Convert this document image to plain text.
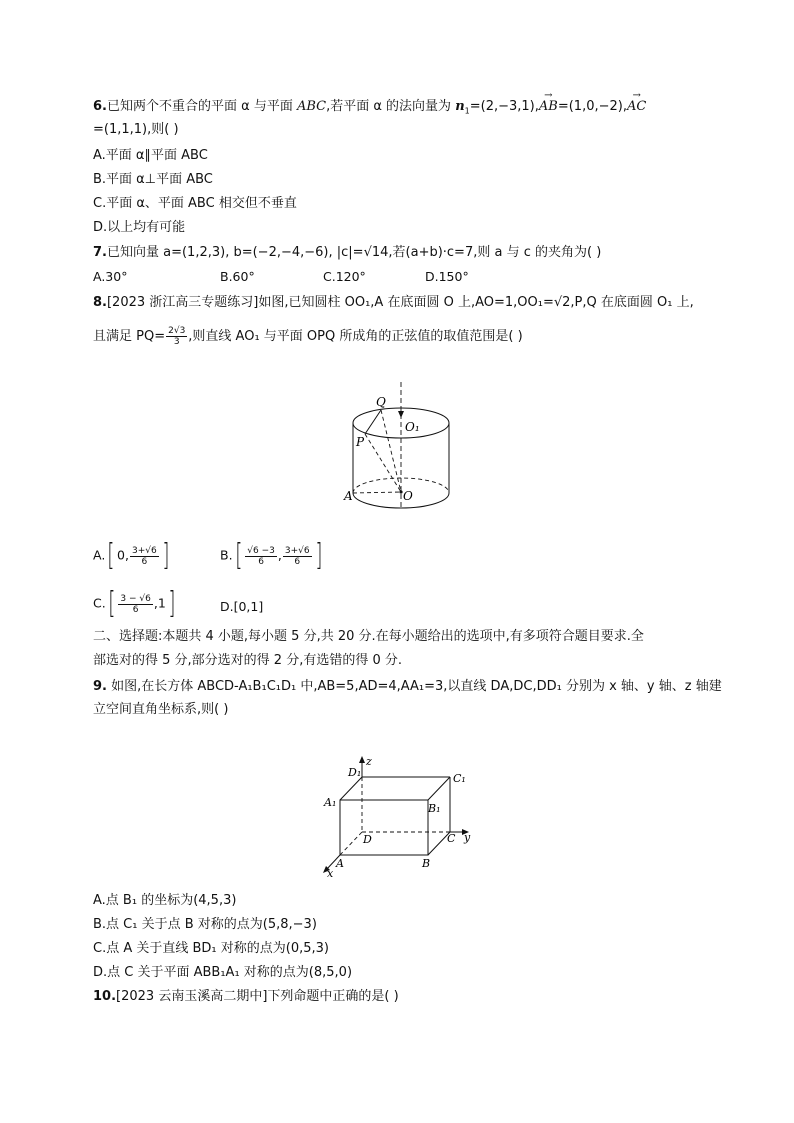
6.已知两个不重合的平面 α 与平面 ABC,若平面 α 的法向量为 $n_1=(2,-3,1),\to AB=(1,0,-2),\to$ AC
=(1,1,1),则( )
A.平面 α∥平面 ABC
B.平面 α⊥平面 ABC
C.平面 α、平面 ABC 相交但不垂直
D.以上均有可能
7.已知向量 a=(1,2,3), b=(−2,−4,−6), |c|=√14,若(a+b)·c=7,则 a 与 c 的夹角为( )
A.30°	B.60°	C.120°	D.150°
8.[2023 浙江高三专题练习]如图,已知圆柱 OO₁,A 在底面圆 O 上,AO=1,OO₁=√2,P,Q 在底面圆 O₁ 上,
且满足 $PQ= \frac{2√3}{3}$ ,则直线 AO₁ 与平面 OPQ 所成角的正弦值的取值范围是( )
Q
P
O₁
A	O
A.[ 0, $\frac{3+√6}{6}$ ]	$B.[ \frac{√6 -3}{6}$ , $\frac{3+√6}{6}$ ]
$C.[ \frac{3 - √6}{6} ,1]$	D.[0,1]
二、选择题:本题共 4 小题,每小题 5 分,共 20 分.在每小题给出的选项中,有多项符合题目要求.全
部选对的得 5 分,部分选对的得 2 分,有选错的得 0 分.
9. 如图,在长方体 ABCD-A₁B₁C₁D₁ 中,AB=5,AD=4,AA₁=3,以直线 DA,DC,DD₁ 分别为 x 轴、y 轴、z 轴建
立空间直角坐标系,则( )
z
D₁	C₁
A₁	B₁
D	C y
A	B
x
A.点 B₁ 的坐标为(4,5,3)
B.点 C₁ 关于点 B 对称的点为(5,8,−3)
C.点 A 关于直线 BD₁ 对称的点为(0,5,3)
D.点 C 关于平面 ABB₁A₁ 对称的点为(8,5,0)
10.[2023 云南玉溪高二期中]下列命题中正确的是( )
